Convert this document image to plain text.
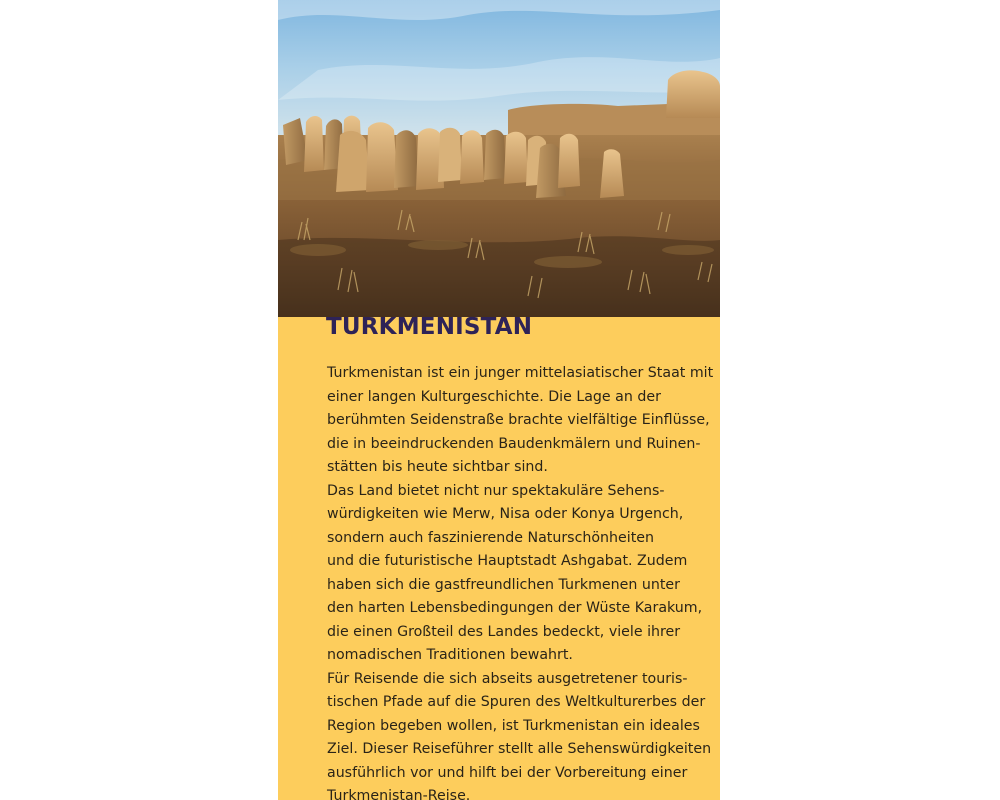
TURKMENISTAN
Turkmenistan ist ein junger mittelasiatischer Staat mit
einer langen Kulturgeschichte. Die Lage an der
berühmten Seidenstraße brachte vielfältige Einflüsse,
die in beeindruckenden Baudenkmälern und Ruinen-
stätten bis heute sichtbar sind.
Das Land bietet nicht nur spektakuläre Sehens-
würdigkeiten wie Merw, Nisa oder Konya Urgench,
sondern auch faszinierende Naturschönheiten
und die futuristische Hauptstadt Ashgabat. Zudem
haben sich die gastfreundlichen Turkmenen unter
den harten Lebensbedingungen der Wüste Karakum,
die einen Großteil des Landes bedeckt, viele ihrer
nomadischen Traditionen bewahrt.
Für Reisende die sich abseits ausgetretener touris-
tischen Pfade auf die Spuren des Weltkulturerbes der
Region begeben wollen, ist Turkmenistan ein ideales
Ziel. Dieser Reiseführer stellt alle Sehenswürdigkeiten
ausführlich vor und hilft bei der Vorbereitung einer
Turkmenistan-Reise.
